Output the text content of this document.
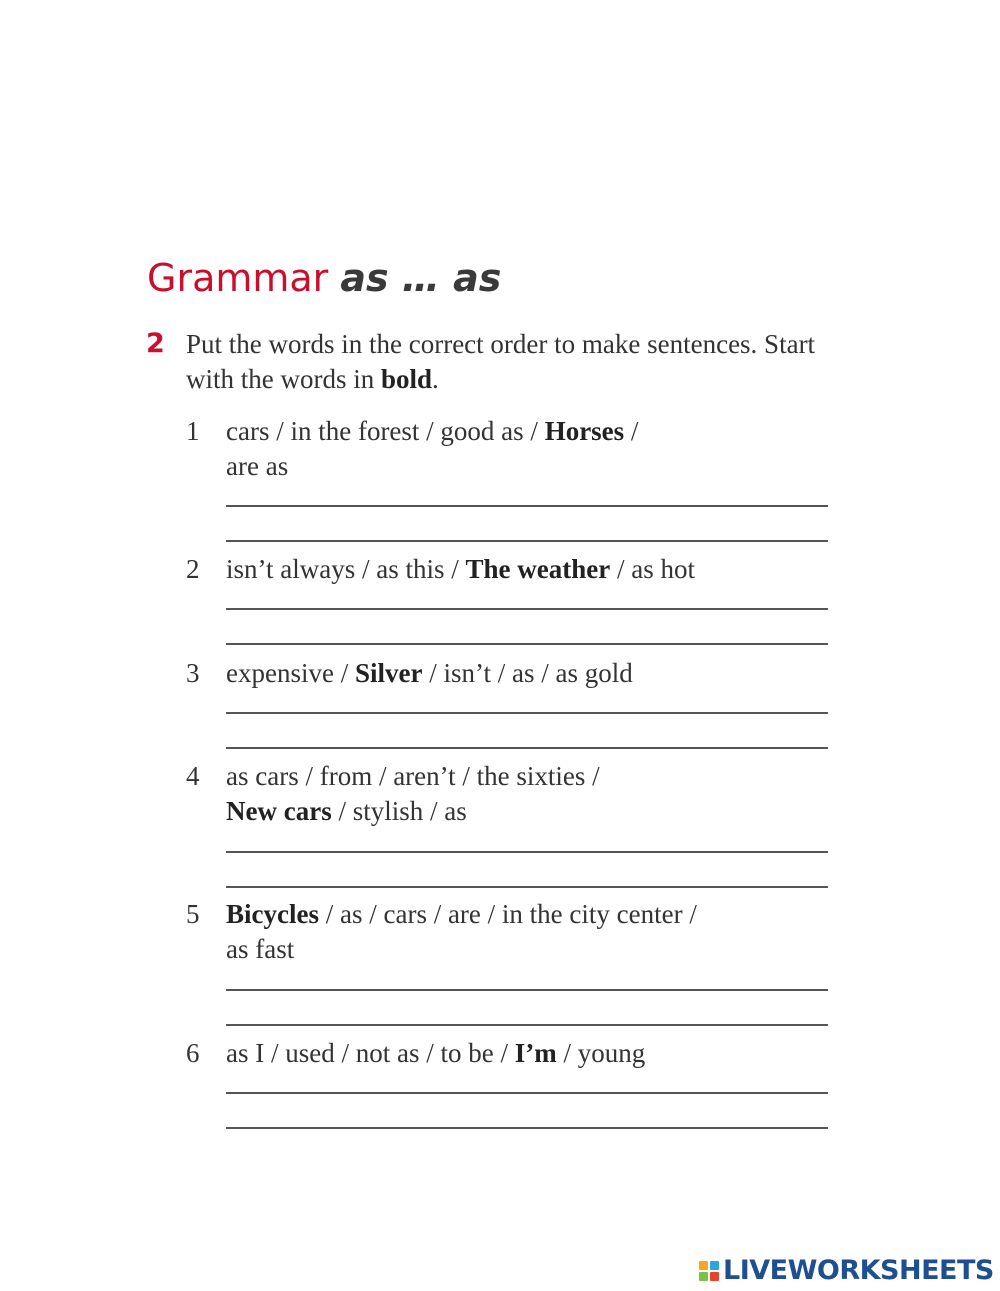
Grammar as … as
2 Put the words in the correct order to make sentences. Start with the words in bold.
1 cars / in the forest / good as / Horses /
are as
2 isn’t always / as this / The weather / as hot
3 expensive / Silver / isn’t / as / as gold
4 as cars / from / aren’t / the sixties /
New cars / stylish / as
5 Bicycles / as / cars / are / in the city center /
as fast
6 as I / used / not as / to be / I’m / young
LIVEWORKSHEETS
